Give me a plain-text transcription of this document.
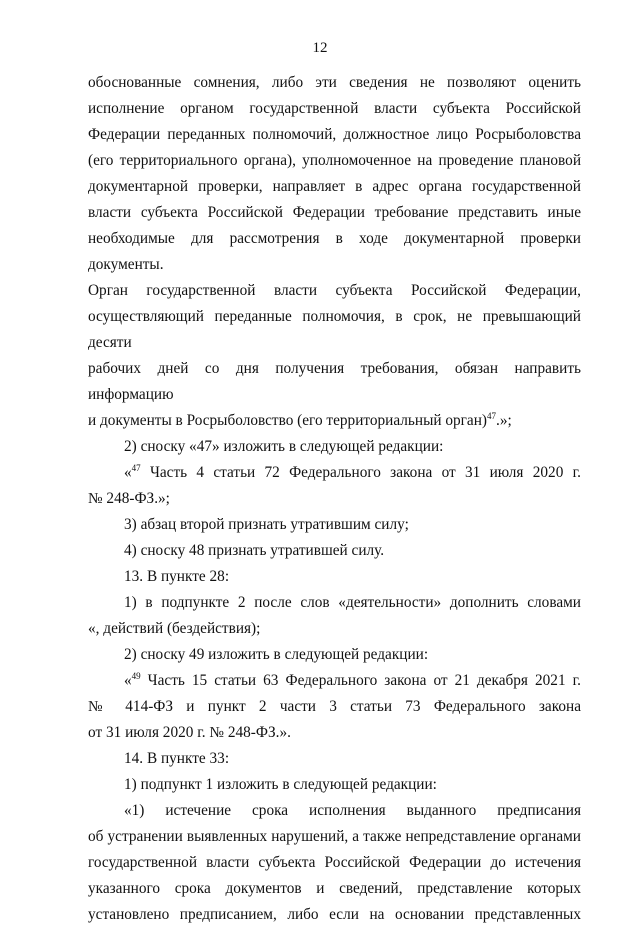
12

обоснованные сомнения, либо эти сведения не позволяют оценить

исполнение органом государственной власти субъекта Российской

Федерации переданных полномочий, должностное лицо Росрыболовства

(его территориального органа), уполномоченное на проведение плановой

документарной проверки, направляет в адрес органа государственной

власти субъекта Российской Федерации требование представить иные

необходимые для рассмотрения в ходе документарной проверки документы.

Орган государственной власти субъекта Российской Федерации,

осуществляющий переданные полномочия, в срок, не превышающий десяти

рабочих дней со дня получения требования, обязан направить информацию

и документы в Росрыболовство (его территориальный орган)$^{47}$.»;

2) сноску «47» изложить в следующей редакции:

«$^{47}$ Часть 4 статьи 72 Федерального закона от 31 июля 2020 г.

№ 248-ФЗ.»;

3) абзац второй признать утратившим силу;

4) сноску 48 признать утратившей силу.

13. В пункте 28:

1) в подпункте 2 после слов «деятельности» дополнить словами

«, действий (бездействия);

2) сноску 49 изложить в следующей редакции:

«$^{49}$ Часть 15 статьи 63 Федерального закона от 21 декабря 2021 г.

№ 414-ФЗ и пункт 2 части 3 статьи 73 Федерального закона

от 31 июля 2020 г. № 248-ФЗ.».

14. В пункте 33:

1) подпункт 1 изложить в следующей редакции:

«1) истечение срока исполнения выданного предписания

об устранении выявленных нарушений, а также непредставление органами

государственной власти субъекта Российской Федерации до истечения

указанного срока документов и сведений, представление которых

установлено предписанием, либо если на основании представленных
